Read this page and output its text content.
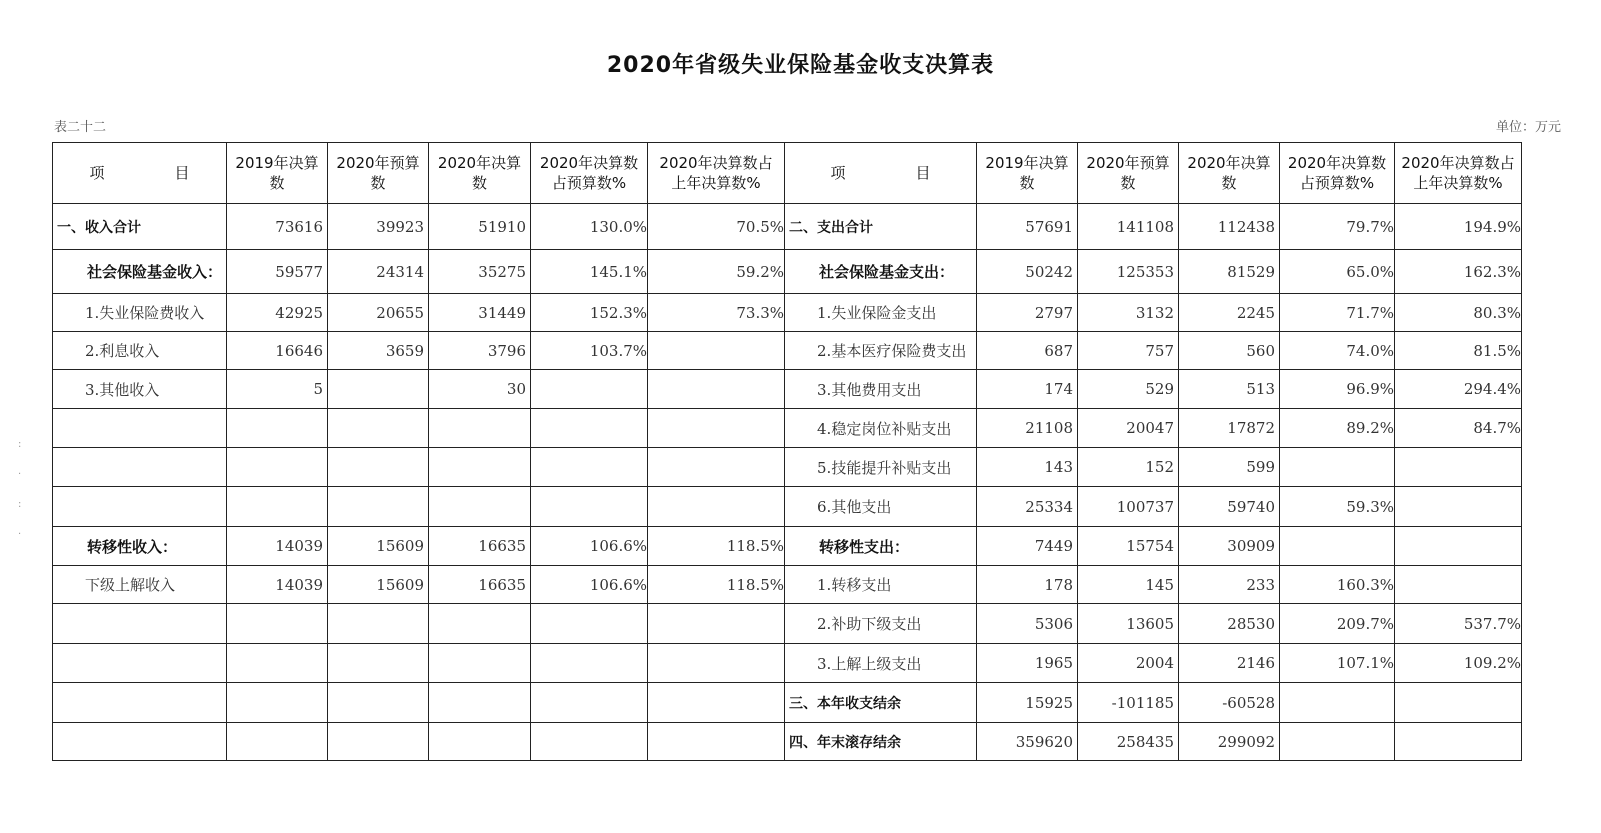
2020年省级失业保险基金收支决算表
表二十二	单位：万元
项 目	2019年决算数	2020年预算数	2020年决算数	2020年决算数占预算数%	2020年决算数占上年决算数%	项 目	2019年决算数	2020年预算数	2020年决算数	2020年决算数占预算数%	2020年决算数占上年决算数%
一、收入合计	73616	39923	51910	130.0%	70.5%	二、支出合计	57691	141108	112438	79.7%	194.9%
社会保险基金收入：	59577	24314	35275	145.1%	59.2%	社会保险基金支出：	50242	125353	81529	65.0%	162.3%
1.失业保险费收入	42925	20655	31449	152.3%	73.3%	1.失业保险金支出	2797	3132	2245	71.7%	80.3%
2.利息收入	16646	3659	3796	103.7%		2.基本医疗保险费支出	687	757	560	74.0%	81.5%
3.其他收入	5		30			3.其他费用支出	174	529	513	96.9%	294.4%
						4.稳定岗位补贴支出	21108	20047	17872	89.2%	84.7%
						5.技能提升补贴支出	143	152	599		
						6.其他支出	25334	100737	59740	59.3%	
转移性收入：	14039	15609	16635	106.6%	118.5%	转移性支出：	7449	15754	30909		
下级上解收入	14039	15609	16635	106.6%	118.5%	1.转移支出	178	145	233	160.3%	
						2.补助下级支出	5306	13605	28530	209.7%	537.7%
						3.上解上级支出	1965	2004	2146	107.1%	109.2%
						三、本年收支结余	15925	-101185	-60528		
						四、年末滚存结余	359620	258435	299092		
:
·
:
·
